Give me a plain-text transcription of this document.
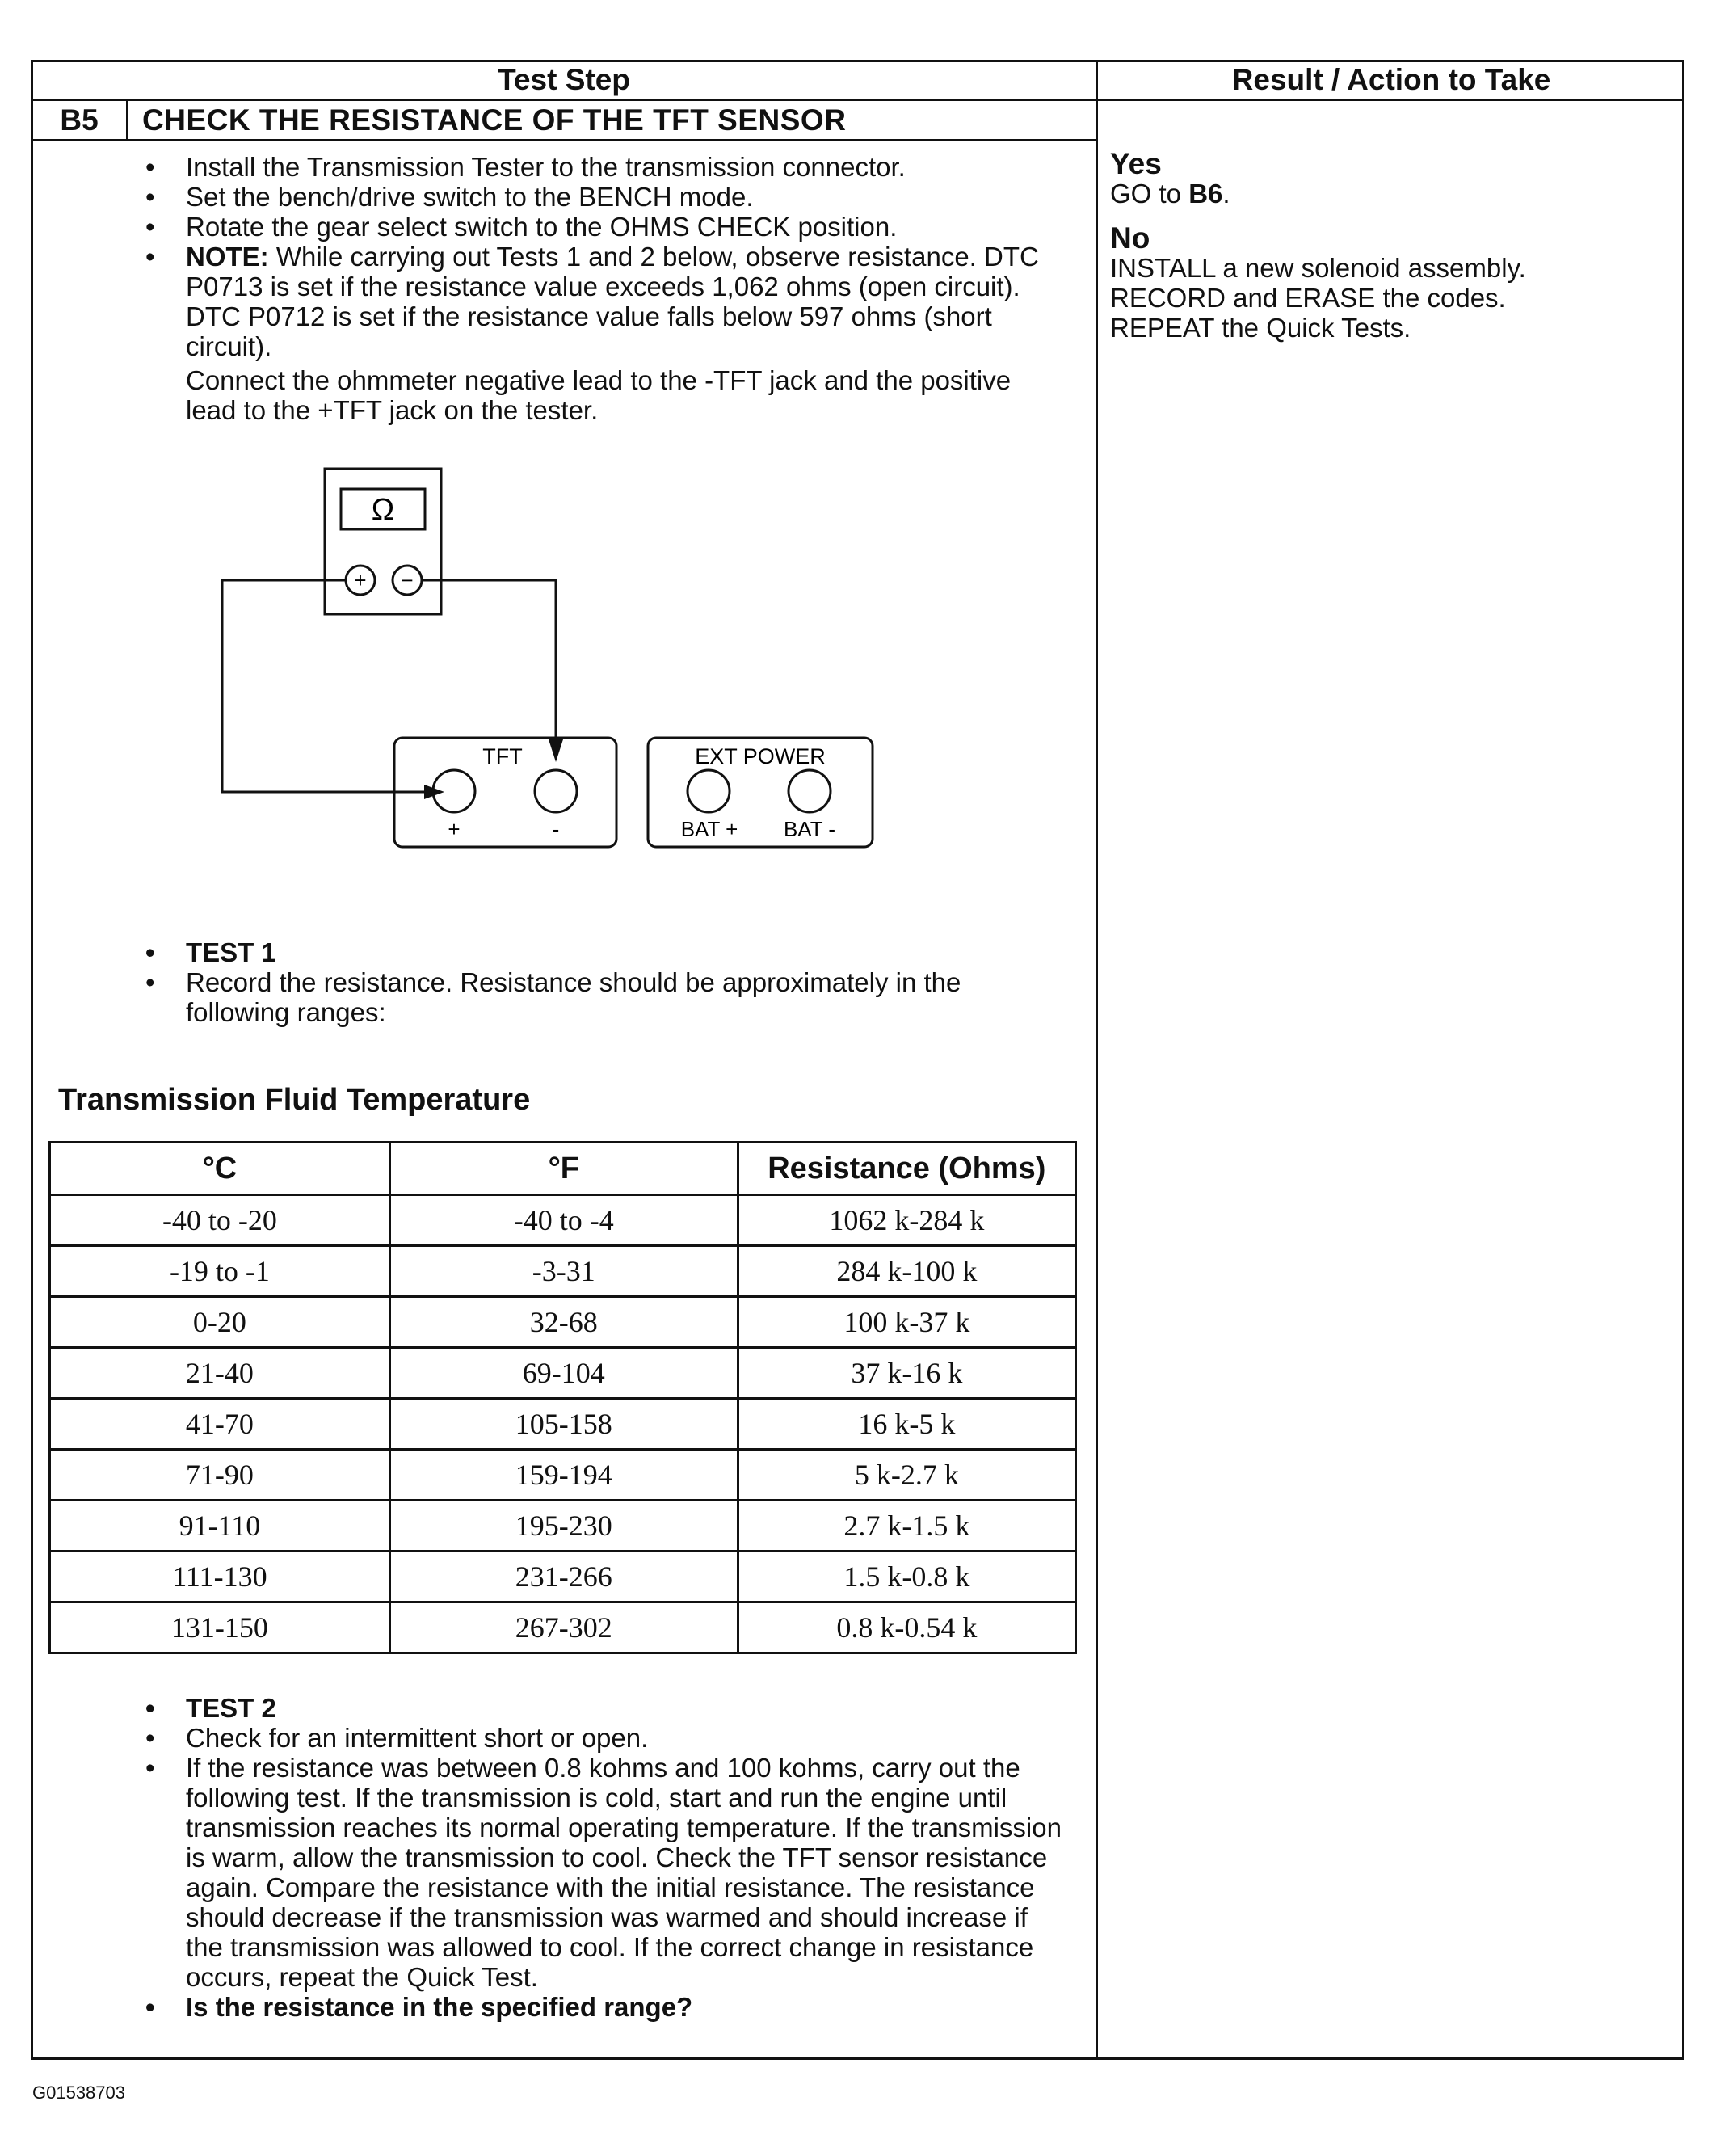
Test Step	Result / Action to Take
B5	CHECK THE RESISTANCE OF THE TFT SENSOR
• Install the Transmission Tester to the transmission connector.
• Set the bench/drive switch to the BENCH mode.
• Rotate the gear select switch to the OHMS CHECK position.
• NOTE: While carrying out Tests 1 and 2 below, observe resistance. DTC P0713 is set if the resistance value exceeds 1,062 ohms (open circuit). DTC P0712 is set if the resistance value falls below 597 ohms (short circuit).
Connect the ohmmeter negative lead to the -TFT jack and the positive lead to the +TFT jack on the tester.
Ω
+ −
TFT
+	-
EXT POWER
BAT + BAT -
• TEST 1
• Record the resistance. Resistance should be approximately in the following ranges:
Transmission Fluid Temperature
°C	°F	Resistance (Ohms)
-40 to -20	-40 to -4	1062 k-284 k
-19 to -1	-3-31	284 k-100 k
0-20	32-68	100 k-37 k
21-40	69-104	37 k-16 k
41-70	105-158	16 k-5 k
71-90	159-194	5 k-2.7 k
91-110	195-230	2.7 k-1.5 k
111-130	231-266	1.5 k-0.8 k
131-150	267-302	0.8 k-0.54 k
• TEST 2
• Check for an intermittent short or open.
• If the resistance was between 0.8 kohms and 100 kohms, carry out the following test. If the transmission is cold, start and run the engine until transmission reaches its normal operating temperature. If the transmission is warm, allow the transmission to cool. Check the TFT sensor resistance again. Compare the resistance with the initial resistance. The resistance should decrease if the transmission was warmed and should increase if the transmission was allowed to cool. If the correct change in resistance occurs, repeat the Quick Test.
• Is the resistance in the specified range?
Yes
GO to B6.
No
INSTALL a new solenoid assembly.
RECORD and ERASE the codes.
REPEAT the Quick Tests.
G01538703
